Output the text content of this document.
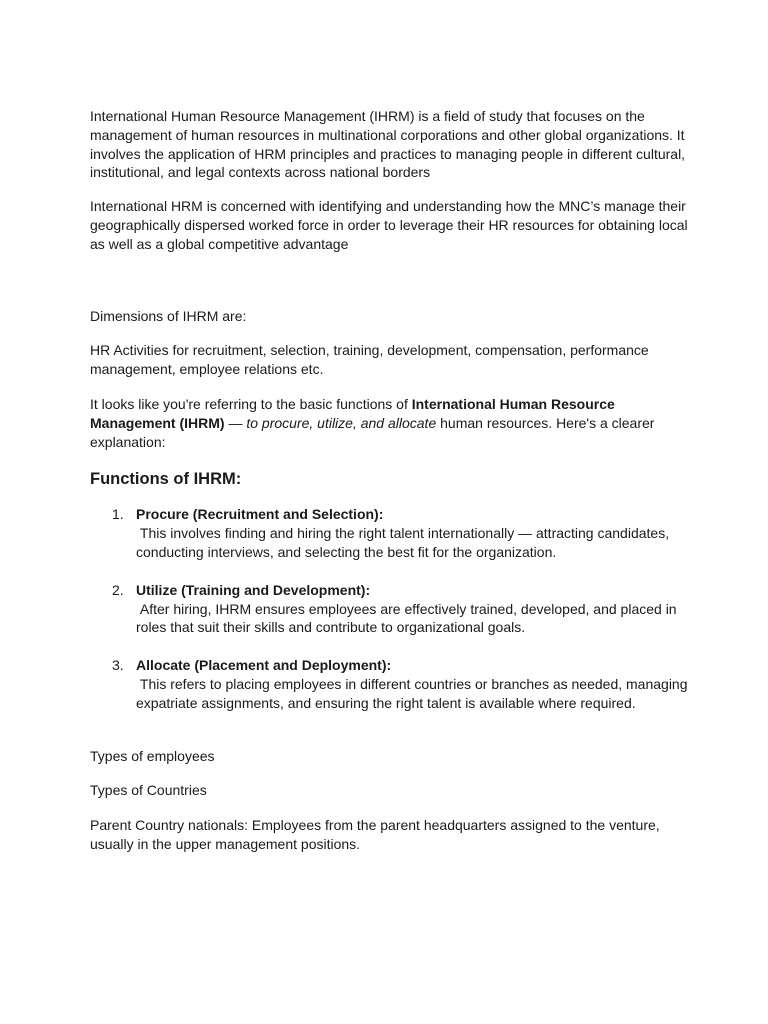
International Human Resource Management (IHRM) is a field of study that focuses on the management of human resources in multinational corporations and other global organizations. It involves the application of HRM principles and practices to managing people in different cultural, institutional, and legal contexts across national borders

International HRM is concerned with identifying and understanding how the MNC’s manage their geographically dispersed worked force in order to leverage their HR resources for obtaining local as well as a global competitive advantage

Dimensions of IHRM are:

HR Activities for recruitment, selection, training, development, compensation, performance management, employee relations etc.

It looks like you're referring to the basic functions of International Human Resource Management (IHRM) — to procure, utilize, and allocate human resources. Here's a clearer explanation:

Functions of IHRM:
1. Procure (Recruitment and Selection):
This involves finding and hiring the right talent internationally — attracting candidates, conducting interviews, and selecting the best fit for the organization.
2. Utilize (Training and Development):
After hiring, IHRM ensures employees are effectively trained, developed, and placed in roles that suit their skills and contribute to organizational goals.
3. Allocate (Placement and Deployment):
This refers to placing employees in different countries or branches as needed, managing expatriate assignments, and ensuring the right talent is available where required.

Types of employees

Types of Countries

Parent Country nationals: Employees from the parent headquarters assigned to the venture, usually in the upper management positions.
